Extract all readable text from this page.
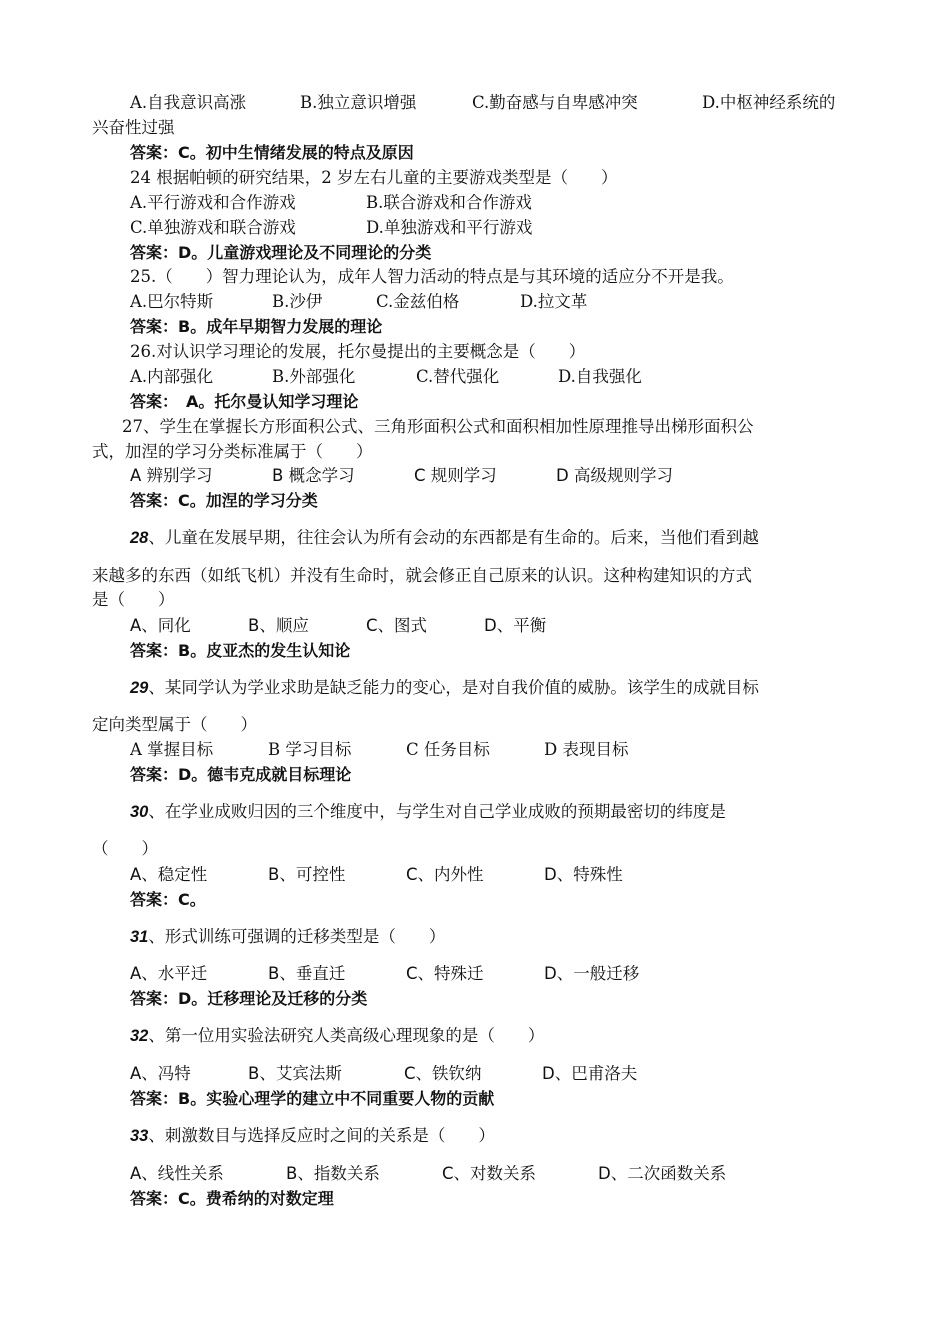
A.自我意识高涨	B.独立意识增强	C.勤奋感与自卑感冲突	D.中枢神经系统的
兴奋性过强
答案：C。初中生情绪发展的特点及原因
24 根据帕顿的研究结果，2 岁左右儿童的主要游戏类型是（　　）
A.平行游戏和合作游戏	B.联合游戏和合作游戏
C.单独游戏和联合游戏	D.单独游戏和平行游戏
答案：D。儿童游戏理论及不同理论的分类
25.（　　）智力理论认为，成年人智力活动的特点是与其环境的适应分不开是我。
A.巴尔特斯	B.沙伊	C.金兹伯格	D.拉文革
答案：B。成年早期智力发展的理论
26.对认识学习理论的发展，托尔曼提出的主要概念是（　　）
A.内部强化	B.外部强化	C.替代强化	D.自我强化
答案：　A。托尔曼认知学习理论
27、学生在掌握长方形面积公式、三角形面积公式和面积相加性原理推导出梯形面积公
式，加涅的学习分类标准属于（　　）
A 辨别学习	B 概念学习	C 规则学习	D 高级规则学习
答案：C。加涅的学习分类
28、儿童在发展早期，往往会认为所有会动的东西都是有生命的。后来，当他们看到越
来越多的东西（如纸飞机）并没有生命时，就会修正自己原来的认识。这种构建知识的方式
是（　　）
A、同化	B、顺应	C、图式	D、平衡
答案：B。皮亚杰的发生认知论
29、某同学认为学业求助是缺乏能力的变心，是对自我价值的威胁。该学生的成就目标
定向类型属于（　　）
A 掌握目标	B 学习目标	C 任务目标	D 表现目标
答案：D。德韦克成就目标理论
30、在学业成败归因的三个维度中，与学生对自己学业成败的预期最密切的纬度是
（　　）
A、稳定性	B、可控性	C、内外性	D、特殊性
答案：C。
31、形式训练可强调的迁移类型是（　　）
A、水平迁	B、垂直迁	C、特殊迁	D、一般迁移
答案：D。迁移理论及迁移的分类
32、第一位用实验法研究人类高级心理现象的是（　　）
A、冯特	B、艾宾法斯	C、铁钦纳	D、巴甫洛夫
答案：B。实验心理学的建立中不同重要人物的贡献
33、刺激数目与选择反应时之间的关系是（　　）
A、线性关系	B、指数关系	C、对数关系	D、二次函数关系
答案：C。费希纳的对数定理
